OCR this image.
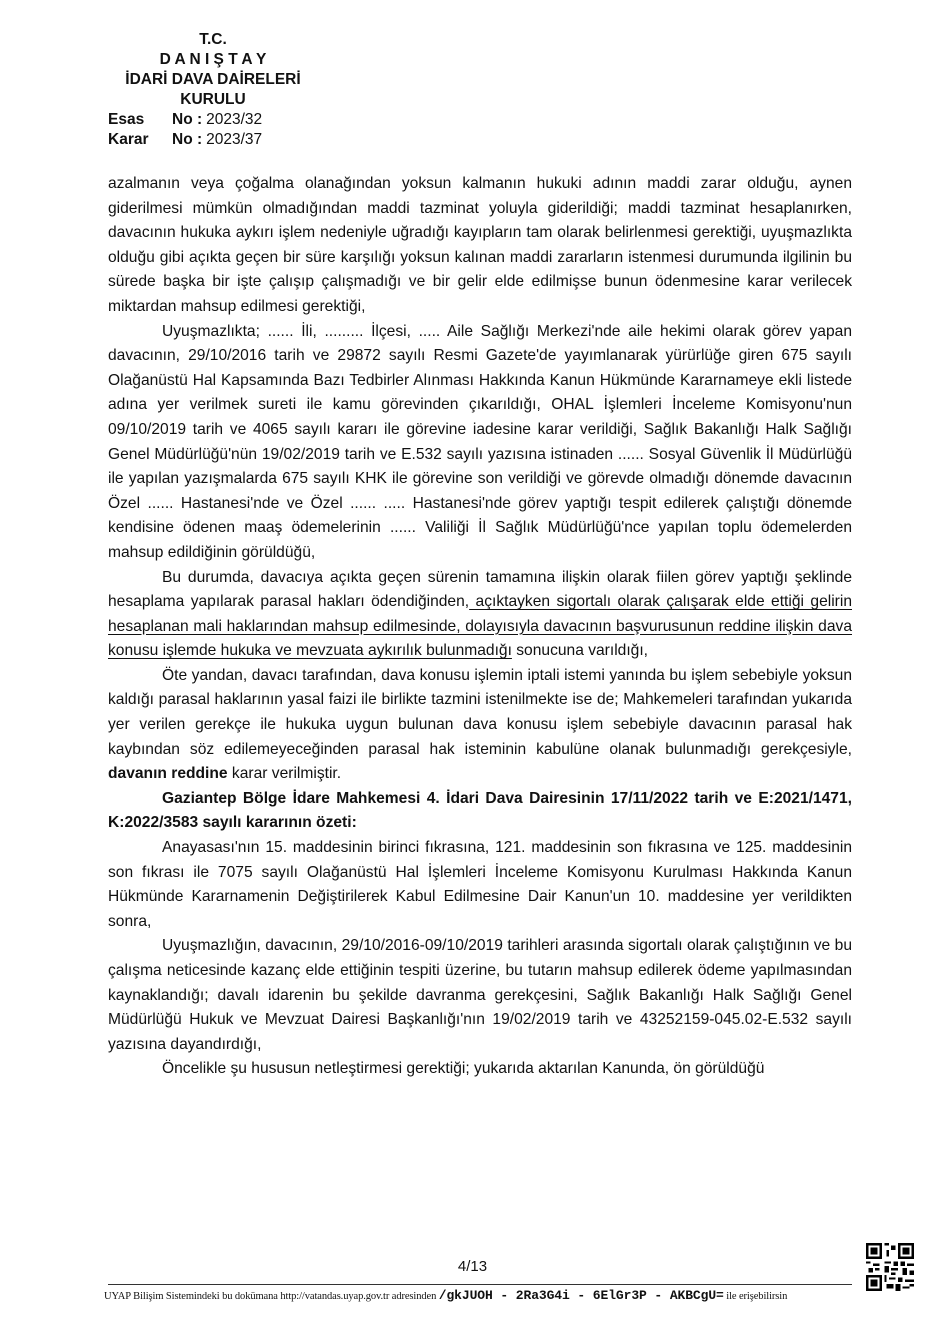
T.C.
D A N I Ş T A Y
İDARİ DAVA DAİRELERİ
KURULU
Esas	No : 2023/32
Karar	No : 2023/37

azalmanın veya çoğalma olanağından yoksun kalmanın hukuki adının maddi zarar olduğu, aynen giderilmesi mümkün olmadığından maddi tazminat yoluyla giderildiği; maddi tazminat hesaplanırken, davacının hukuka aykırı işlem nedeniyle uğradığı kayıpların tam olarak belirlenmesi gerektiği, uyuşmazlıkta olduğu gibi açıkta geçen bir süre karşılığı yoksun kalınan maddi zararların istenmesi durumunda ilgilinin bu sürede başka bir işte çalışıp çalışmadığı ve bir gelir elde edilmişse bunun ödenmesine karar verilecek miktardan mahsup edilmesi gerektiği,

Uyuşmazlıkta; ...... İli, ......... İlçesi, ..... Aile Sağlığı Merkezi'nde aile hekimi olarak görev yapan davacının, 29/10/2016 tarih ve 29872 sayılı Resmi Gazete'de yayımlanarak yürürlüğe giren 675 sayılı Olağanüstü Hal Kapsamında Bazı Tedbirler Alınması Hakkında Kanun Hükmünde Kararnameye ekli listede adına yer verilmek sureti ile kamu görevinden çıkarıldığı, OHAL İşlemleri İnceleme Komisyonu'nun 09/10/2019 tarih ve 4065 sayılı kararı ile görevine iadesine karar verildiği, Sağlık Bakanlığı Halk Sağlığı Genel Müdürlüğü'nün 19/02/2019 tarih ve E.532 sayılı yazısına istinaden ...... Sosyal Güvenlik İl Müdürlüğü ile yapılan yazışmalarda 675 sayılı KHK ile görevine son verildiği ve görevde olmadığı dönemde davacının Özel ...... Hastanesi'nde ve Özel ...... ..... Hastanesi'nde görev yaptığı tespit edilerek çalıştığı dönemde kendisine ödenen maaş ödemelerinin ...... Valiliği İl Sağlık Müdürlüğü'nce yapılan toplu ödemelerden mahsup edildiğinin görüldüğü,

Bu durumda, davacıya açıkta geçen sürenin tamamına ilişkin olarak fiilen görev yaptığı şeklinde hesaplama yapılarak parasal hakları ödendiğinden, açıktayken sigortalı olarak çalışarak elde ettiği gelirin hesaplanan mali haklarından mahsup edilmesinde, dolayısıyla davacının başvurusunun reddine ilişkin dava konusu işlemde hukuka ve mevzuata aykırılık bulunmadığı sonucuna varıldığı,

Öte yandan, davacı tarafından, dava konusu işlemin iptali istemi yanında bu işlem sebebiyle yoksun kaldığı parasal haklarının yasal faizi ile birlikte tazmini istenilmekte ise de; Mahkemeleri tarafından yukarıda yer verilen gerekçe ile hukuka uygun bulunan dava konusu işlem sebebiyle davacının parasal hak kaybından söz edilemeyeceğinden parasal hak isteminin kabulüne olanak bulunmadığı gerekçesiyle, davanın reddine karar verilmiştir.

Gaziantep Bölge İdare Mahkemesi 4. İdari Dava Dairesinin 17/11/2022 tarih ve E:2021/1471, K:2022/3583 sayılı kararının özeti:

Anayasası'nın 15. maddesinin birinci fıkrasına, 121. maddesinin son fıkrasına ve 125. maddesinin son fıkrası ile 7075 sayılı Olağanüstü Hal İşlemleri İnceleme Komisyonu Kurulması Hakkında Kanun Hükmünde Kararnamenin Değiştirilerek Kabul Edilmesine Dair Kanun'un 10. maddesine yer verildikten sonra,

Uyuşmazlığın, davacının, 29/10/2016-09/10/2019 tarihleri arasında sigortalı olarak çalıştığının ve bu çalışma neticesinde kazanç elde ettiğinin tespiti üzerine, bu tutarın mahsup edilerek ödeme yapılmasından kaynaklandığı; davalı idarenin bu şekilde davranma gerekçesini, Sağlık Bakanlığı Halk Sağlığı Genel Müdürlüğü Hukuk ve Mevzuat Dairesi Başkanlığı'nın 19/02/2019 tarih ve 43252159-045.02-E.532 sayılı yazısına dayandırdığı,

Öncelikle şu hususun netleştirmesi gerektiği; yukarıda aktarılan Kanunda, ön görüldüğü

4/13
UYAP Bilişim Sistemindeki bu dokümana http://vatandas.uyap.gov.tr adresinden /gkJUOH - 2Ra3G4i - 6ElGr3P - AKBCgU= ile erişebilirsin
